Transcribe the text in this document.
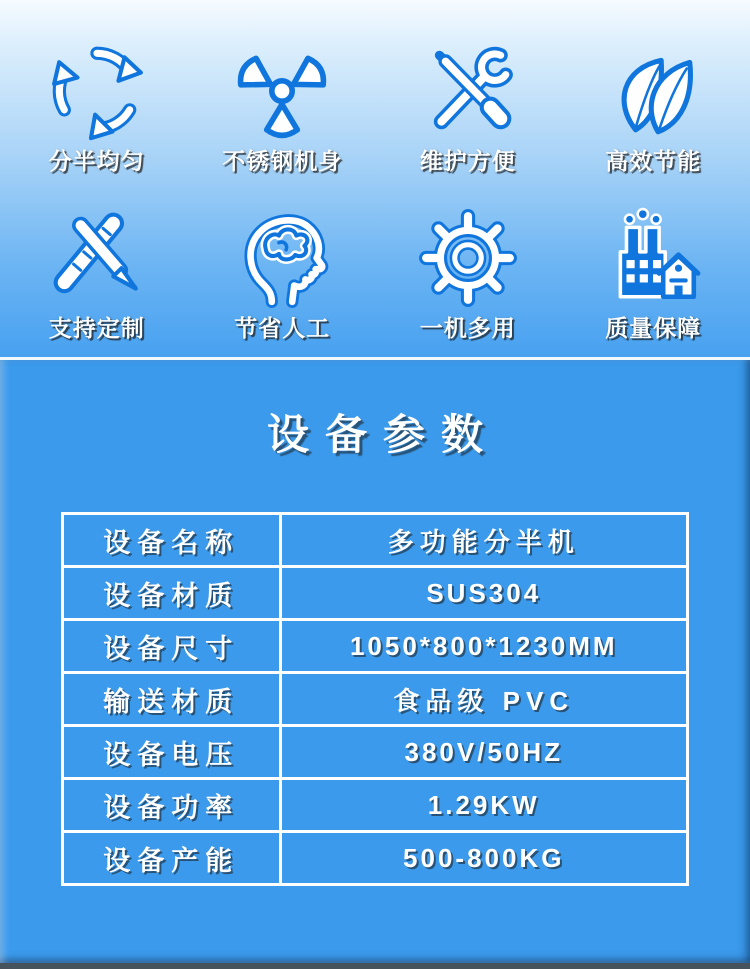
分半均匀	不锈钢机身	维护方便	高效节能
支持定制	节省人工	一机多用	质量保障
设备参数
设备名称	多功能分半机
设备材质	SUS304
设备尺寸	1050*800*1230MM
输送材质	食品级 PVC
设备电压	380V/50HZ
设备功率	1.29KW
设备产能	500-800KG
